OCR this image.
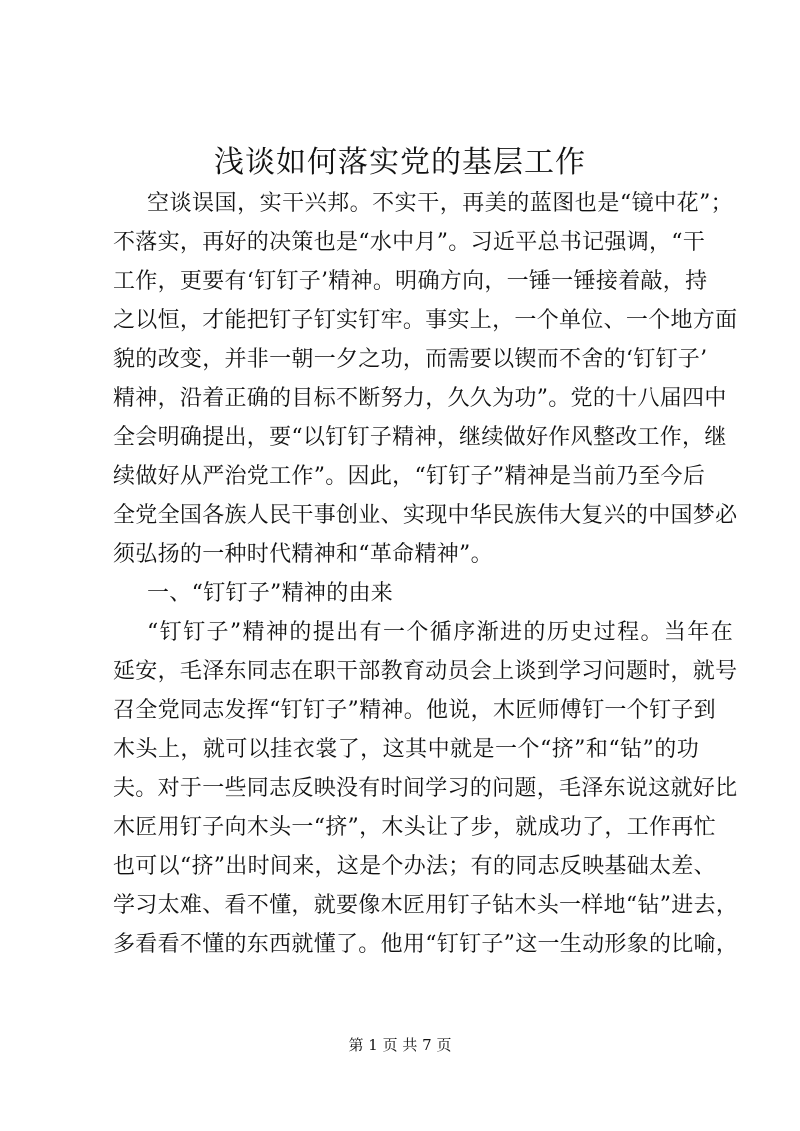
浅谈如何落实党的基层工作
空谈误国，实干兴邦。不实干，再美的蓝图也是“镜中花”；
不落实，再好的决策也是“水中月”。习近平总书记强调，“干
工作，更要有‘钉钉子’精神。明确方向，一锤一锤接着敲，持
之以恒，才能把钉子钉实钉牢。事实上，一个单位、一个地方面
貌的改变，并非一朝一夕之功，而需要以锲而不舍的‘钉钉子’
精神，沿着正确的目标不断努力，久久为功”。党的十八届四中
全会明确提出，要“以钉钉子精神，继续做好作风整改工作，继
续做好从严治党工作”。因此，“钉钉子”精神是当前乃至今后
全党全国各族人民干事创业、实现中华民族伟大复兴的中国梦必
须弘扬的一种时代精神和“革命精神”。
一、“钉钉子”精神的由来
“钉钉子”精神的提出有一个循序渐进的历史过程。当年在
延安，毛泽东同志在职干部教育动员会上谈到学习问题时，就号
召全党同志发挥“钉钉子”精神。他说，木匠师傅钉一个钉子到
木头上，就可以挂衣裳了，这其中就是一个“挤”和“钻”的功
夫。对于一些同志反映没有时间学习的问题，毛泽东说这就好比
木匠用钉子向木头一“挤”，木头让了步，就成功了，工作再忙
也可以“挤”出时间来，这是个办法；有的同志反映基础太差、
学习太难、看不懂，就要像木匠用钉子钻木头一样地“钻”进去，
多看看不懂的东西就懂了。他用“钉钉子”这一生动形象的比喻，
第 1 页 共 7 页
